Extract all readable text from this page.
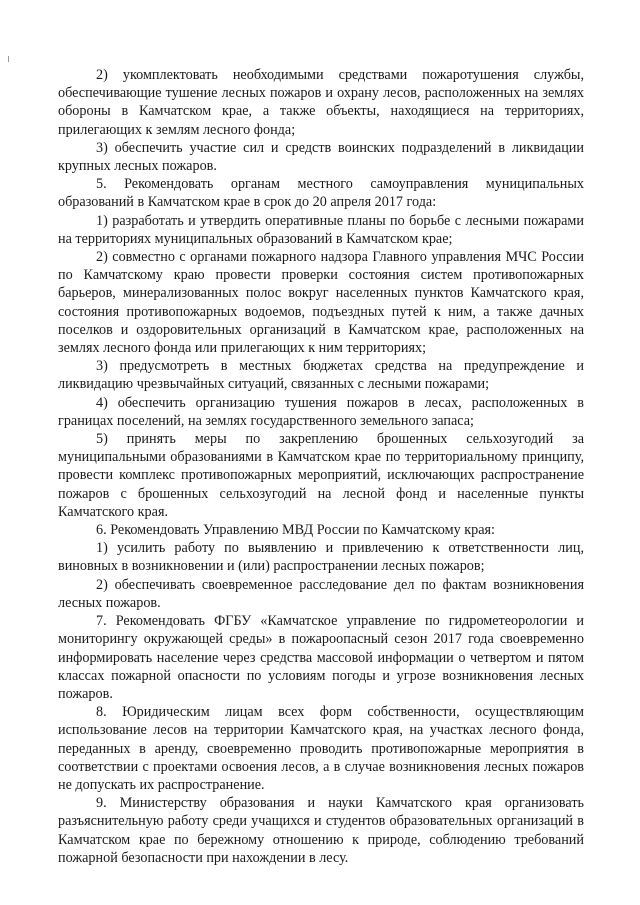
2) укомплектовать необходимыми средствами пожаротушения службы, обеспечивающие тушение лесных пожаров и охрану лесов, расположенных на землях обороны в Камчатском крае, а также объекты, находящиеся на территориях, прилегающих к землям лесного фонда;

3) обеспечить участие сил и средств воинских подразделений в ликвидации крупных лесных пожаров.

5. Рекомендовать органам местного самоуправления муниципальных образований в Камчатском крае в срок до 20 апреля 2017 года:

1) разработать и утвердить оперативные планы по борьбе с лесными пожарами на территориях муниципальных образований в Камчатском крае;

2) совместно с органами пожарного надзора Главного управления МЧС России по Камчатскому краю провести проверки состояния систем противопожарных барьеров, минерализованных полос вокруг населенных пунктов Камчатского края, состояния противопожарных водоемов, подъездных путей к ним, а также дачных поселков и оздоровительных организаций в Камчатском крае, расположенных на землях лесного фонда или прилегающих к ним территориях;

3) предусмотреть в местных бюджетах средства на предупреждение и ликвидацию чрезвычайных ситуаций, связанных с лесными пожарами;

4) обеспечить организацию тушения пожаров в лесах, расположенных в границах поселений, на землях государственного земельного запаса;

5) принять меры по закреплению брошенных сельхозугодий за муниципальными образованиями в Камчатском крае по территориальному принципу, провести комплекс противопожарных мероприятий, исключающих распространение пожаров с брошенных сельхозугодий на лесной фонд и населенные пункты Камчатского края.

6. Рекомендовать Управлению МВД России по Камчатскому края:

1) усилить работу по выявлению и привлечению к ответственности лиц, виновных в возникновении и (или) распространении лесных пожаров;

2) обеспечивать своевременное расследование дел по фактам возникновения лесных пожаров.

7. Рекомендовать ФГБУ «Камчатское управление по гидрометеорологии и мониторингу окружающей среды» в пожароопасный сезон 2017 года своевременно информировать население через средства массовой информации о четвертом и пятом классах пожарной опасности по условиям погоды и угрозе возникновения лесных пожаров.

8. Юридическим лицам всех форм собственности, осуществляющим использование лесов на территории Камчатского края, на участках лесного фонда, переданных в аренду, своевременно проводить противопожарные мероприятия в соответствии с проектами освоения лесов, а в случае возникновения лесных пожаров не допускать их распространение.

9. Министерству образования и науки Камчатского края организовать разъяснительную работу среди учащихся и студентов образовательных организаций в Камчатском крае по бережному отношению к природе, соблюдению требований пожарной безопасности при нахождении в лесу.
